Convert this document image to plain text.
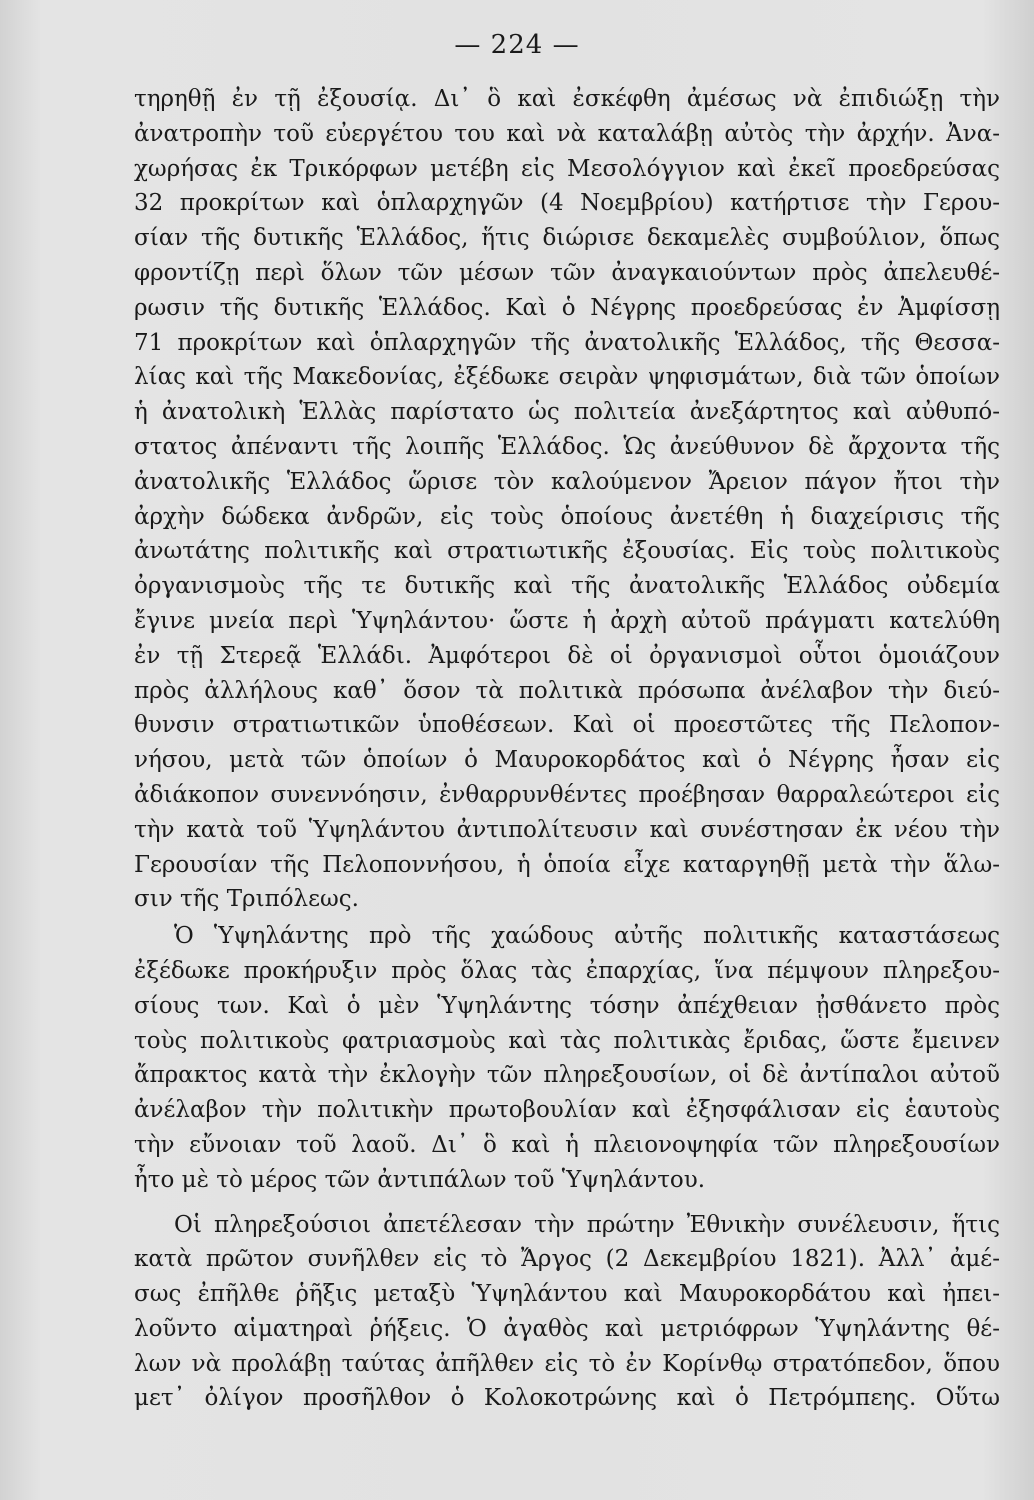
— 224 —
τηρηθῇ ἐν τῇ ἐξουσίᾳ. Δι᾽ ὃ καὶ ἐσκέφθη ἀμέσως νὰ ἐπιδιώξῃ τὴν
ἀνατροπὴν τοῦ εὐεργέτου του καὶ νὰ καταλάβῃ αὐτὸς τὴν ἀρχήν. Ἀνα-
χωρήσας ἐκ Τρικόρφων μετέβη εἰς Μεσολόγγιον καὶ ἐκεῖ προεδρεύσας
32 προκρίτων καὶ ὁπλαρχηγῶν (4 Νοεμβρίου) κατήρτισε τὴν Γερου-
σίαν τῆς δυτικῆς Ἑλλάδος, ἥτις διώρισε δεκαμελὲς συμβούλιον, ὅπως
φροντίζῃ περὶ ὅλων τῶν μέσων τῶν ἀναγκαιούντων πρὸς ἀπελευθέ-
ρωσιν τῆς δυτικῆς Ἑλλάδος. Καὶ ὁ Νέγρης προεδρεύσας ἐν Ἀμφίσσῃ
71 προκρίτων καὶ ὁπλαρχηγῶν τῆς ἀνατολικῆς Ἑλλάδος, τῆς Θεσσα-
λίας καὶ τῆς Μακεδονίας, ἐξέδωκε σειρὰν ψηφισμάτων, διὰ τῶν ὁποίων
ἡ ἀνατολικὴ Ἑλλὰς παρίστατο ὡς πολιτεία ἀνεξάρτητος καὶ αὐθυπό-
στατος ἀπέναντι τῆς λοιπῆς Ἑλλάδος. Ὡς ἀνεύθυνον δὲ ἄρχοντα τῆς
ἀνατολικῆς Ἑλλάδος ὥρισε τὸν καλούμενον Ἄρειον πάγον ἤτοι τὴν
ἀρχὴν δώδεκα ἀνδρῶν, εἰς τοὺς ὁποίους ἀνετέθη ἡ διαχείρισις τῆς
ἀνωτάτης πολιτικῆς καὶ στρατιωτικῆς ἐξουσίας. Εἰς τοὺς πολιτικοὺς
ὀργανισμοὺς τῆς τε δυτικῆς καὶ τῆς ἀνατολικῆς Ἑλλάδος οὐδεμία
ἔγινε μνεία περὶ Ὑψηλάντου· ὥστε ἡ ἀρχὴ αὐτοῦ πράγματι κατελύθη
ἐν τῇ Στερεᾷ Ἑλλάδι. Ἀμφότεροι δὲ οἱ ὀργανισμοὶ οὗτοι ὁμοιάζουν
πρὸς ἀλλήλους καθ᾽ ὅσον τὰ πολιτικὰ πρόσωπα ἀνέλαβον τὴν διεύ-
θυνσιν στρατιωτικῶν ὑποθέσεων. Καὶ οἱ προεστῶτες τῆς Πελοπον-
νήσου, μετὰ τῶν ὁποίων ὁ Μαυροκορδάτος καὶ ὁ Νέγρης ἦσαν εἰς
ἀδιάκοπον συνεννόησιν, ἐνθαρρυνθέντες προέβησαν θαρραλεώτεροι εἰς
τὴν κατὰ τοῦ Ὑψηλάντου ἀντιπολίτευσιν καὶ συνέστησαν ἐκ νέου τὴν
Γερουσίαν τῆς Πελοποννήσου, ἡ ὁποία εἶχε καταργηθῇ μετὰ τὴν ἅλω-
σιν τῆς Τριπόλεως.
Ὁ Ὑψηλάντης πρὸ τῆς χαώδους αὐτῆς πολιτικῆς καταστάσεως
ἐξέδωκε προκήρυξιν πρὸς ὅλας τὰς ἐπαρχίας, ἵνα πέμψουν πληρεξου-
σίους των. Καὶ ὁ μὲν Ὑψηλάντης τόσην ἀπέχθειαν ᾐσθάνετο πρὸς
τοὺς πολιτικοὺς φατριασμοὺς καὶ τὰς πολιτικὰς ἔριδας, ὥστε ἔμεινεν
ἄπρακτος κατὰ τὴν ἐκλογὴν τῶν πληρεξουσίων, οἱ δὲ ἀντίπαλοι αὐτοῦ
ἀνέλαβον τὴν πολιτικὴν πρωτοβουλίαν καὶ ἐξησφάλισαν εἰς ἑαυτοὺς
τὴν εὔνοιαν τοῦ λαοῦ. Δι᾽ ὃ καὶ ἡ πλειονοψηφία τῶν πληρεξουσίων
ἦτο μὲ τὸ μέρος τῶν ἀντιπάλων τοῦ Ὑψηλάντου.
Οἱ πληρεξούσιοι ἀπετέλεσαν τὴν πρώτην Ἐθνικὴν συνέλευσιν, ἥτις
κατὰ πρῶτον συνῆλθεν εἰς τὸ Ἄργος (2 Δεκεμβρίου 1821). Ἀλλ᾽ ἀμέ-
σως ἐπῆλθε ῥῆξις μεταξὺ Ὑψηλάντου καὶ Μαυροκορδάτου καὶ ἠπει-
λοῦντο αἱματηραὶ ῥήξεις. Ὁ ἀγαθὸς καὶ μετριόφρων Ὑψηλάντης θέ-
λων νὰ προλάβῃ ταύτας ἀπῆλθεν εἰς τὸ ἐν Κορίνθῳ στρατόπεδον, ὅπου
μετ᾽ ὀλίγον προσῆλθον ὁ Κολοκοτρώνης καὶ ὁ Πετρόμπεης. Οὕτω
